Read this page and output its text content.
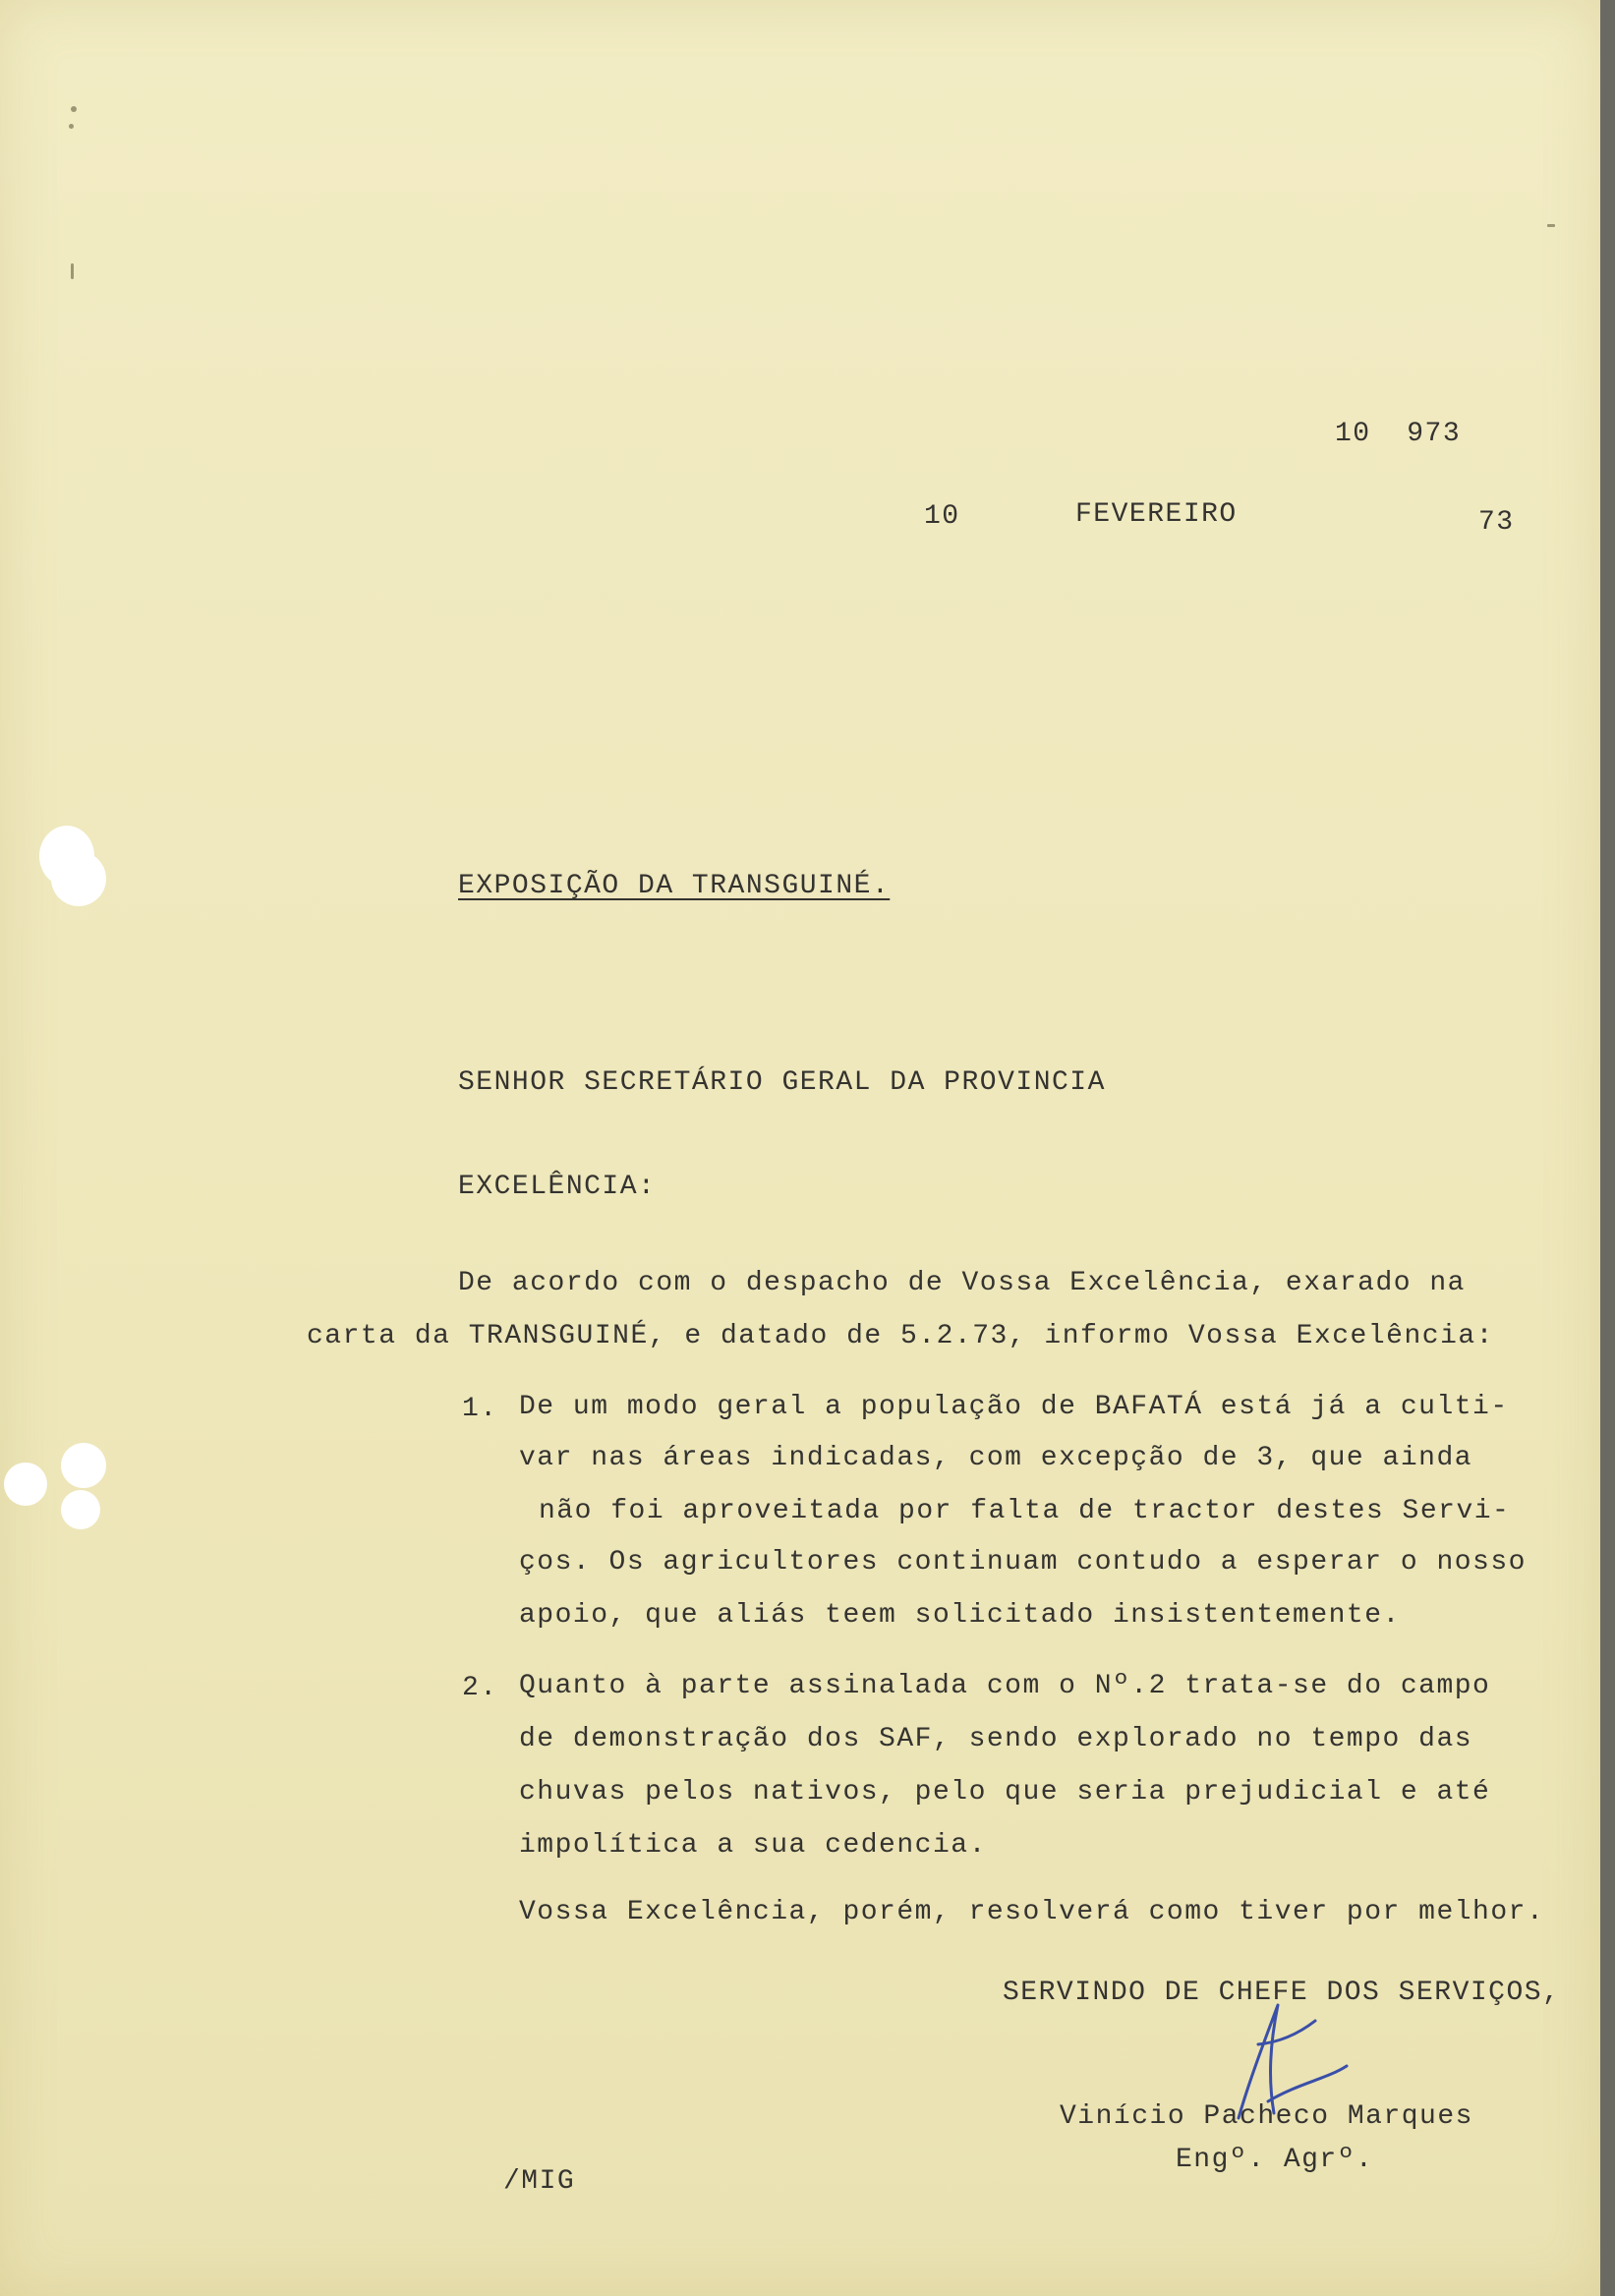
10  973
10	FEVEREIRO	73
EXPOSIÇÃO DA TRANSGUINÉ.
SENHOR SECRETÁRIO GERAL DA PROVINCIA
EXCELÊNCIA:
De acordo com o despacho de Vossa Excelência, exarado na
carta da TRANSGUINÉ, e datado de 5.2.73, informo Vossa Excelência:
1. De um modo geral a população de BAFATÁ está já a culti-
var nas áreas indicadas, com excepção de 3, que ainda
não foi aproveitada por falta de tractor destes Servi-
ços. Os agricultores continuam contudo a esperar o nosso
apoio, que aliás teem solicitado insistentemente.
2. Quanto à parte assinalada com o Nº.2 trata-se do campo
de demonstração dos SAF, sendo explorado no tempo das
chuvas pelos nativos, pelo que seria prejudicial e até
impolítica a sua cedencia.
Vossa Excelência, porém, resolverá como tiver por melhor.
SERVINDO DE CHEFE DOS SERVIÇOS,
Vinício Pacheco Marques
Engº. Agrº.
/MIG
